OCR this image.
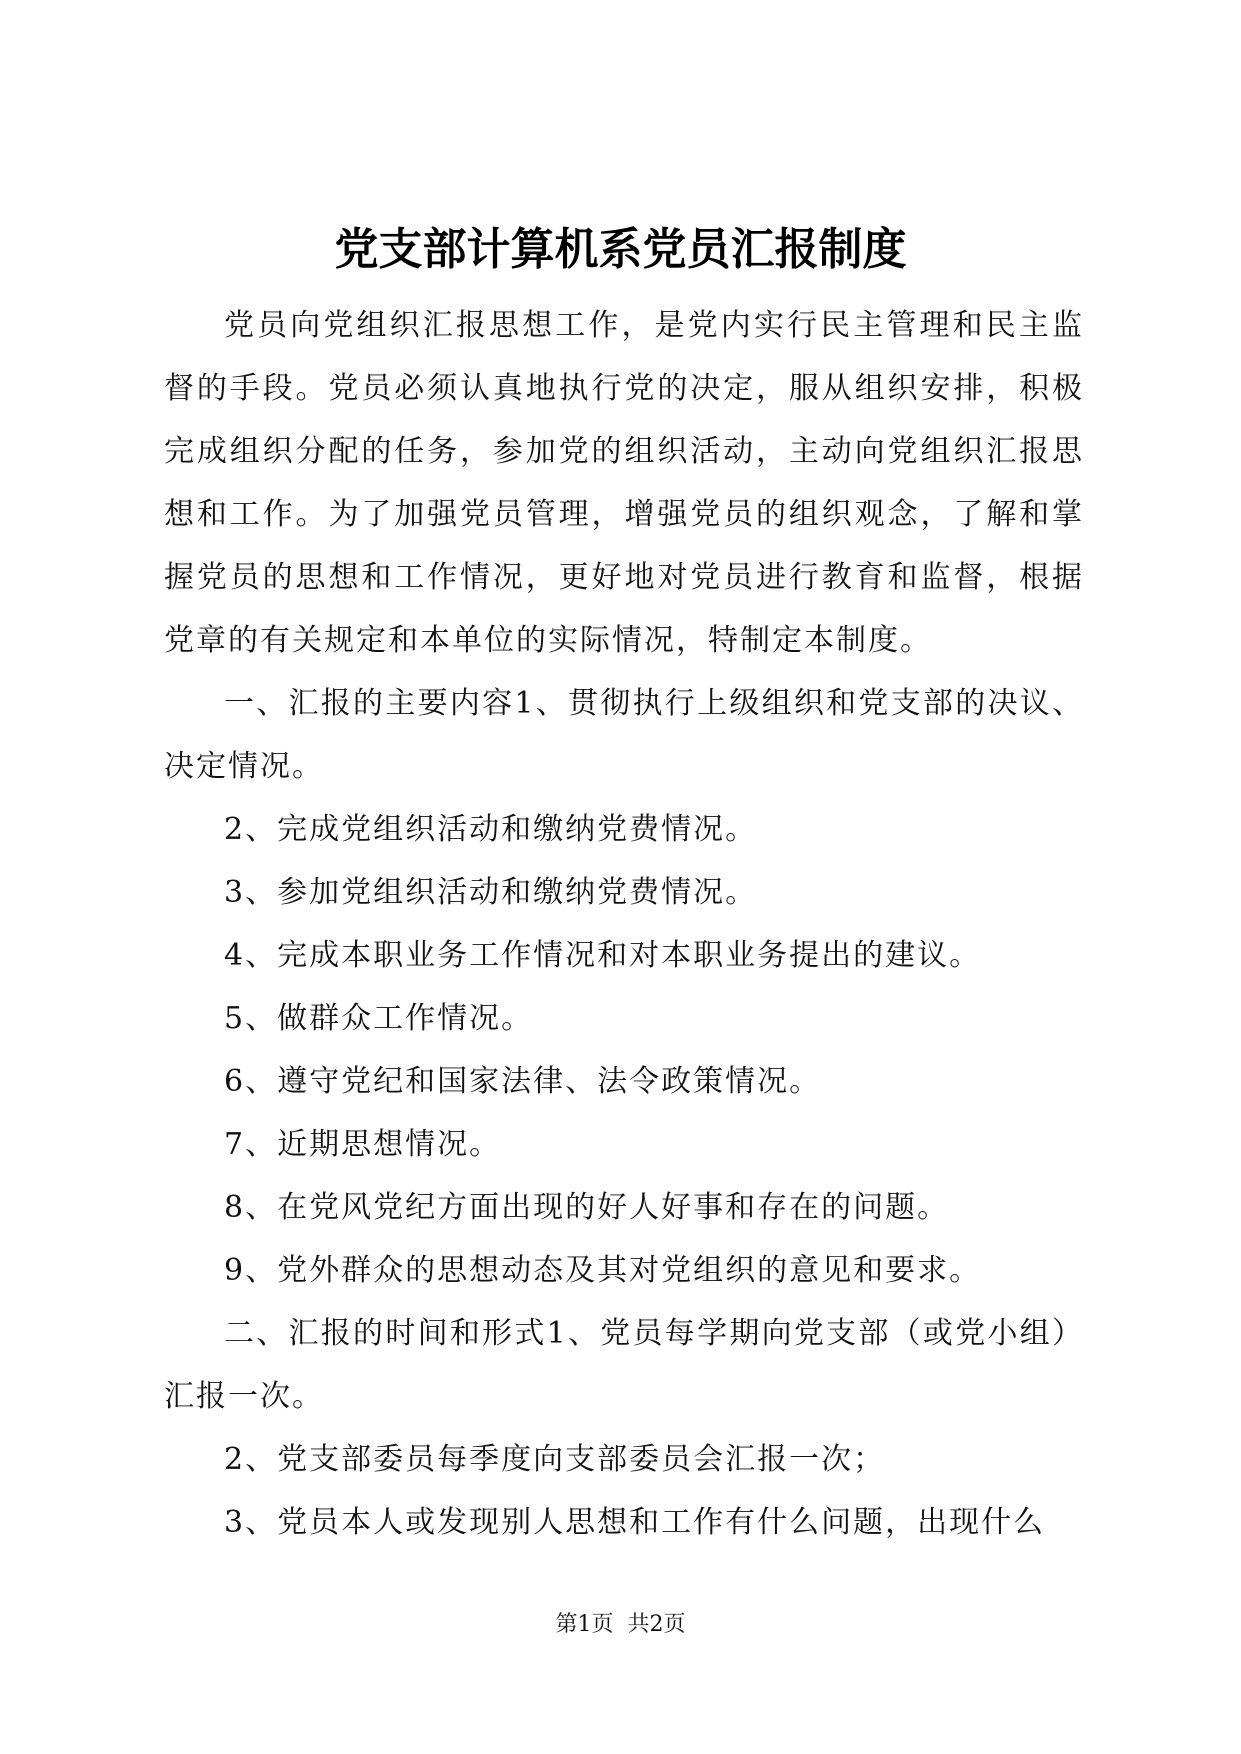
党支部计算机系党员汇报制度

党员向党组织汇报思想工作，是党内实行民主管理和民主监督的手段。党员必须认真地执行党的决定，服从组织安排，积极完成组织分配的任务，参加党的组织活动，主动向党组织汇报思想和工作。为了加强党员管理，增强党员的组织观念，了解和掌握党员的思想和工作情况，更好地对党员进行教育和监督，根据党章的有关规定和本单位的实际情况，特制定本制度。

一、汇报的主要内容1、贯彻执行上级组织和党支部的决议、决定情况。

2、完成党组织活动和缴纳党费情况。

3、参加党组织活动和缴纳党费情况。

4、完成本职业务工作情况和对本职业务提出的建议。

5、做群众工作情况。

6、遵守党纪和国家法律、法令政策情况。

7、近期思想情况。

8、在党风党纪方面出现的好人好事和存在的问题。

9、党外群众的思想动态及其对党组织的意见和要求。

二、汇报的时间和形式1、党员每学期向党支部（或党小组）汇报一次。

2、党支部委员每季度向支部委员会汇报一次；

3、党员本人或发现别人思想和工作有什么问题，出现什么

第1页  共2页
